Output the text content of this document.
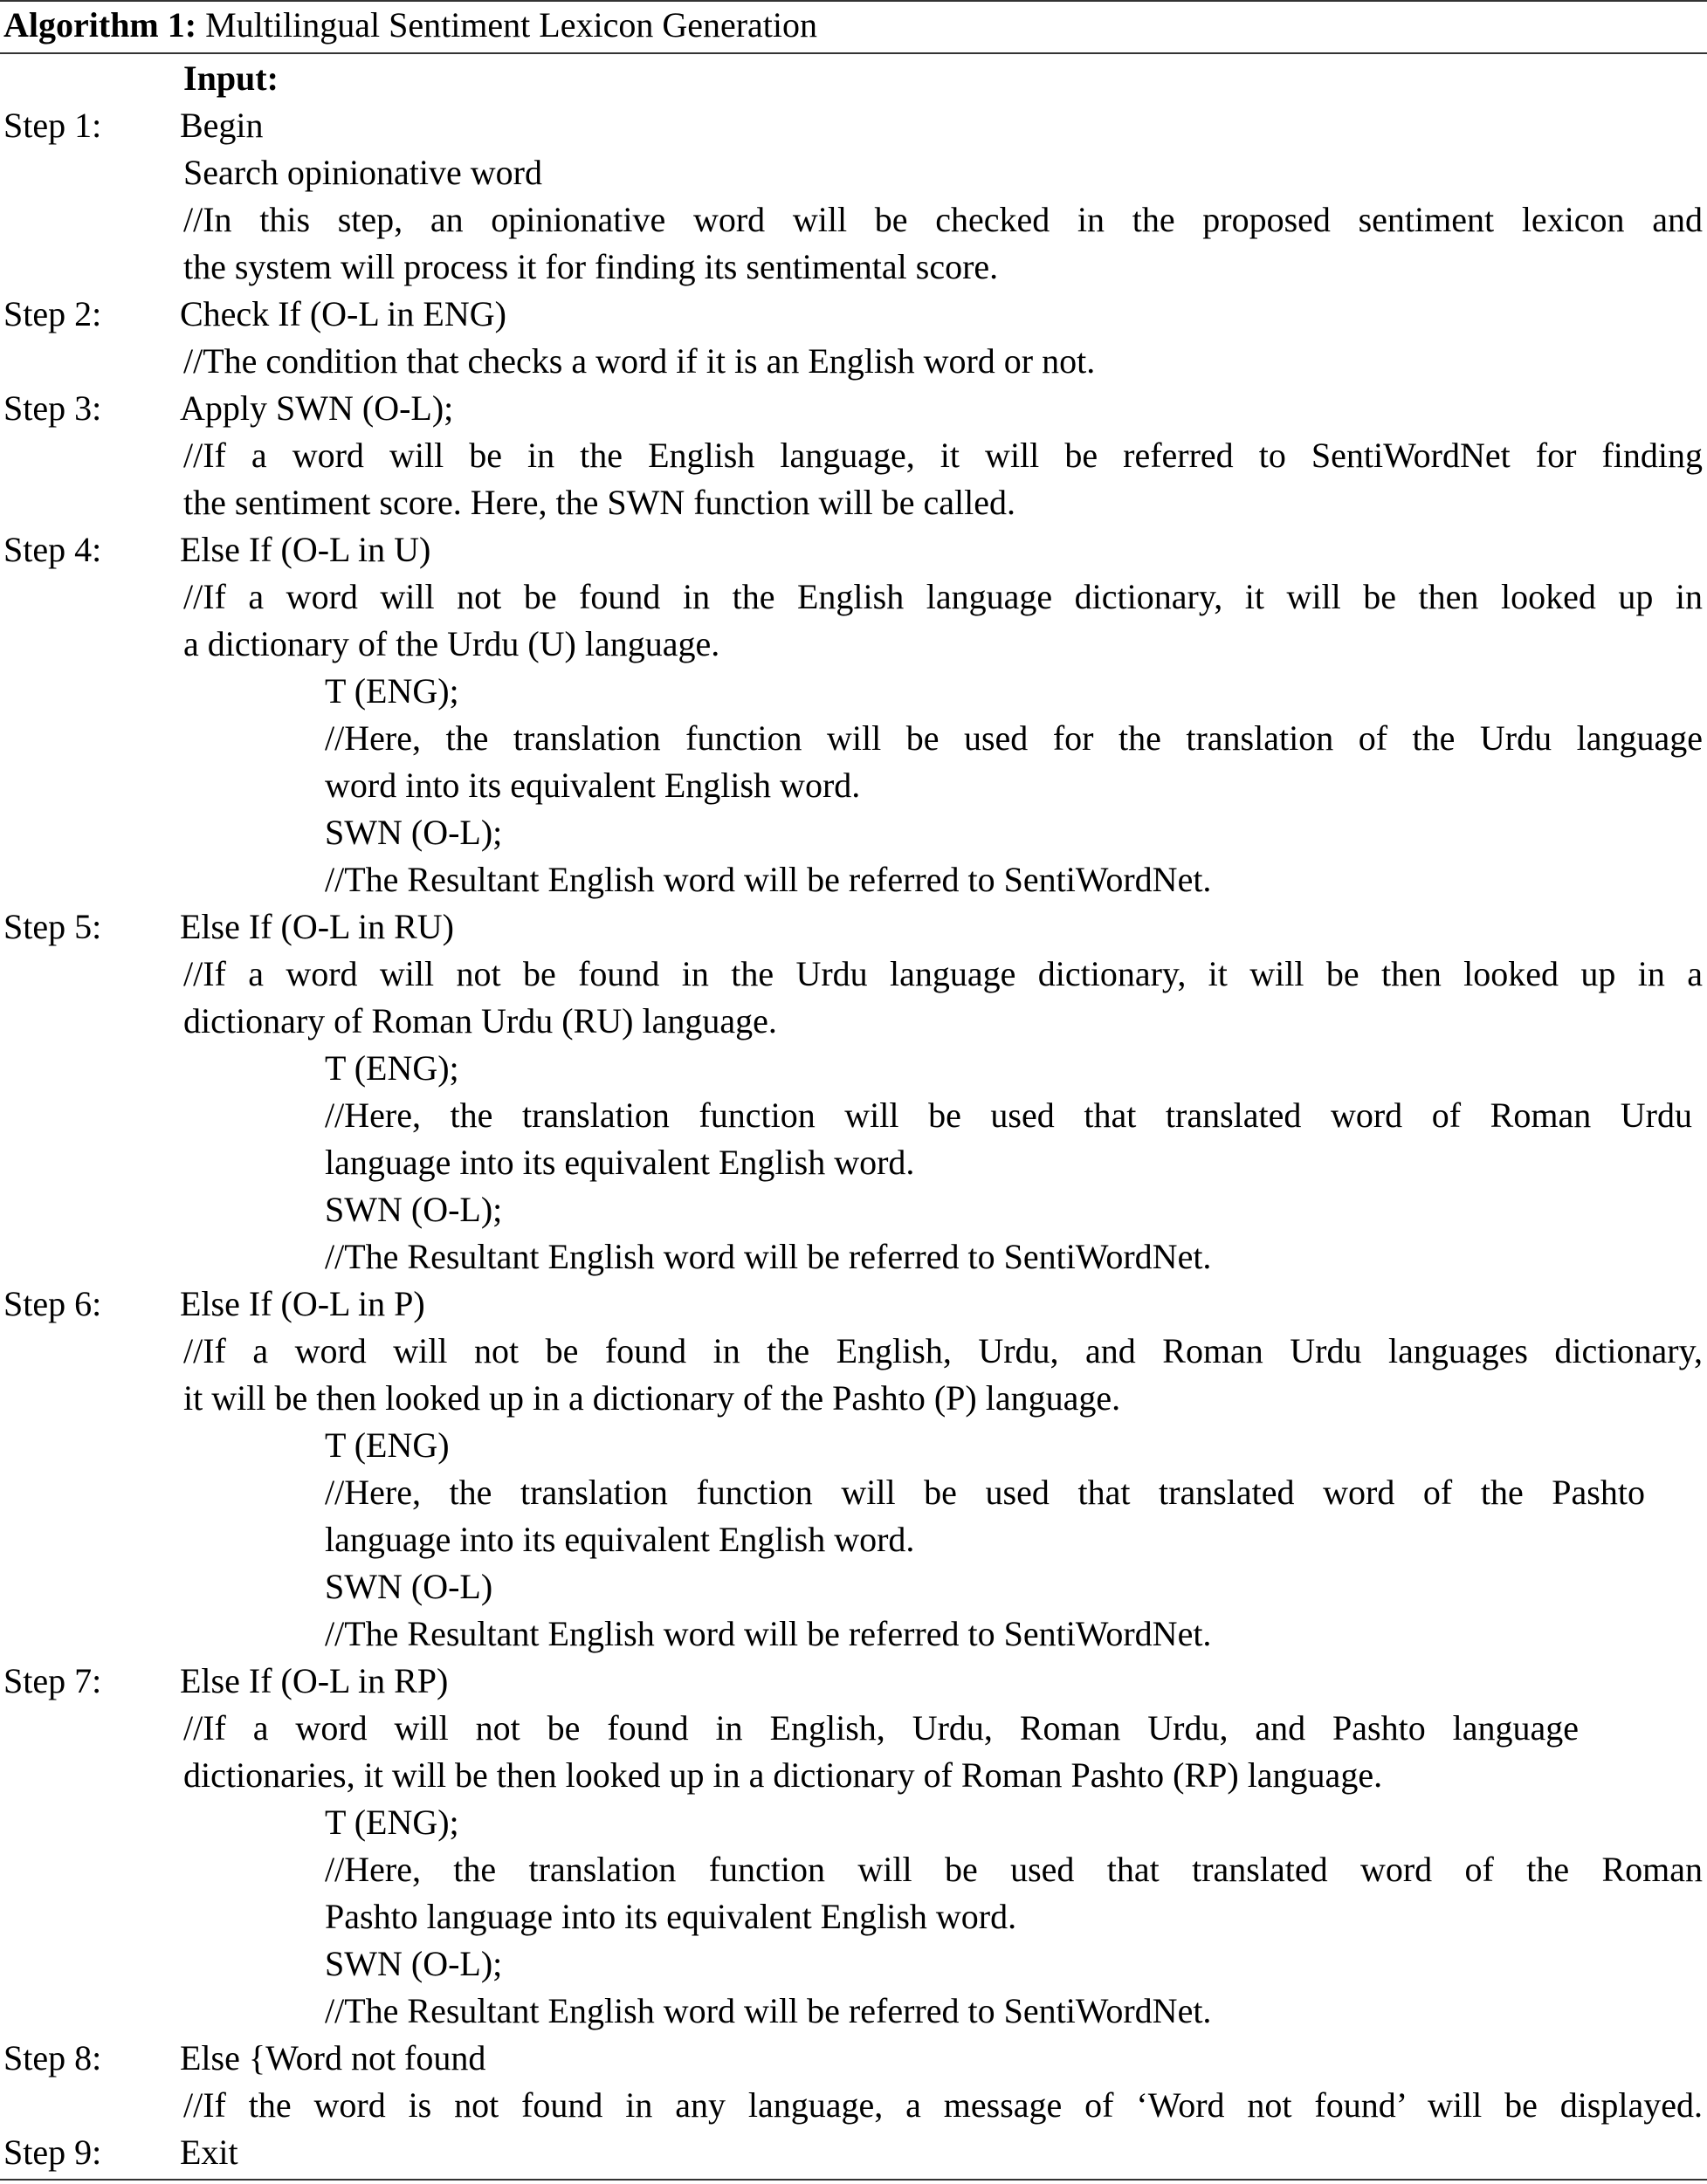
Algorithm 1: Multilingual Sentiment Lexicon Generation
Input:
Step 1: Begin
Search opinionative word
//In this step, an opinionative word will be checked in the proposed sentiment lexicon and
the system will process it for finding its sentimental score.
Step 2: Check If (O-L in ENG)
//The condition that checks a word if it is an English word or not.
Step 3: Apply SWN (O-L);
//If a word will be in the English language, it will be referred to SentiWordNet for finding
the sentiment score. Here, the SWN function will be called.
Step 4: Else If (O-L in U)
//If a word will not be found in the English language dictionary, it will be then looked up in
a dictionary of the Urdu (U) language.
T (ENG);
//Here, the translation function will be used for the translation of the Urdu language
word into its equivalent English word.
SWN (O-L);
//The Resultant English word will be referred to SentiWordNet.
Step 5: Else If (O-L in RU)
//If a word will not be found in the Urdu language dictionary, it will be then looked up in a
dictionary of Roman Urdu (RU) language.
T (ENG);
//Here, the translation function will be used that translated word of Roman Urdu
language into its equivalent English word.
SWN (O-L);
//The Resultant English word will be referred to SentiWordNet.
Step 6: Else If (O-L in P)
//If a word will not be found in the English, Urdu, and Roman Urdu languages dictionary,
it will be then looked up in a dictionary of the Pashto (P) language.
T (ENG)
//Here, the translation function will be used that translated word of the Pashto
language into its equivalent English word.
SWN (O-L)
//The Resultant English word will be referred to SentiWordNet.
Step 7: Else If (O-L in RP)
//If a word will not be found in English, Urdu, Roman Urdu, and Pashto language
dictionaries, it will be then looked up in a dictionary of Roman Pashto (RP) language.
T (ENG);
//Here, the translation function will be used that translated word of the Roman
Pashto language into its equivalent English word.
SWN (O-L);
//The Resultant English word will be referred to SentiWordNet.
Step 8: Else {Word not found
//If the word is not found in any language, a message of ‘Word not found’ will be displayed.
Step 9: Exit
